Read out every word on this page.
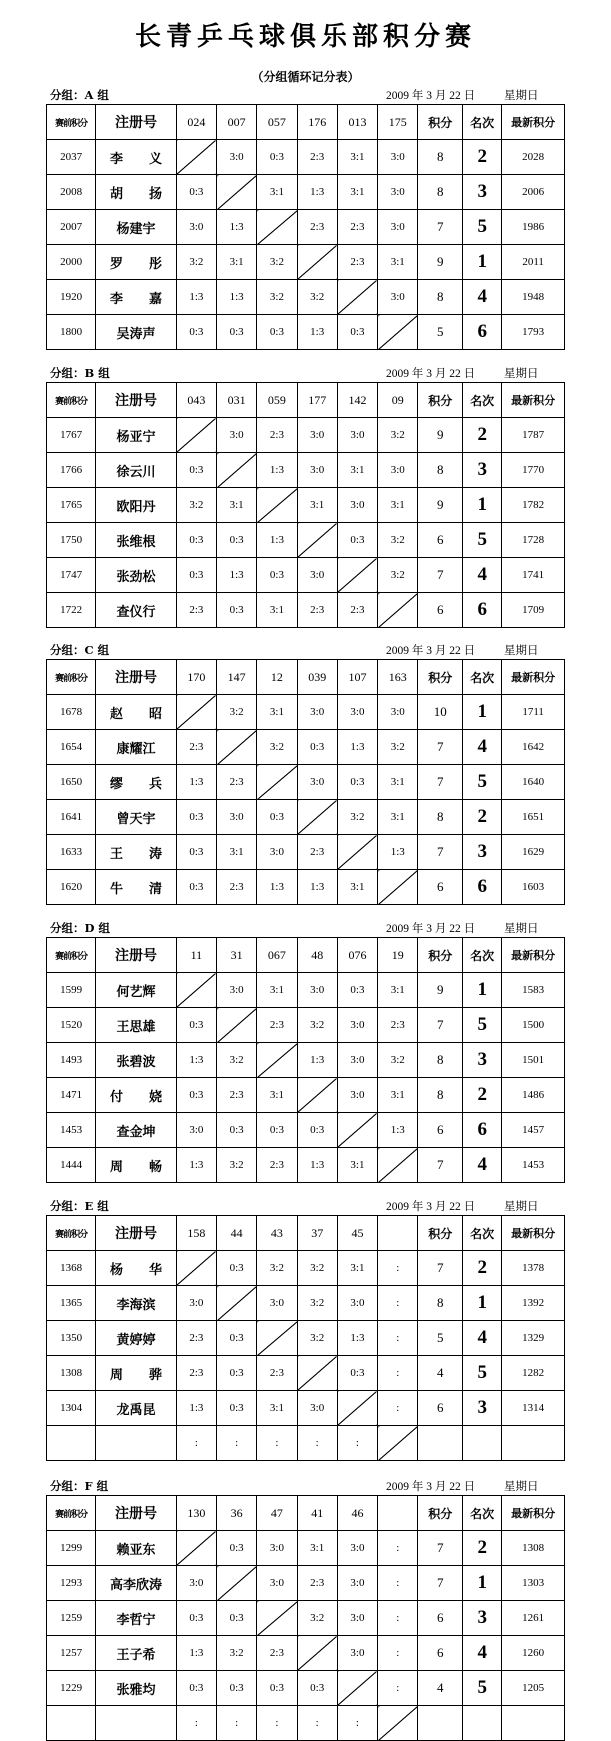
长青乒乓球俱乐部积分赛
（分组循环记分表）
分组：A 组	2009 年 3 月 22 日	星期日
赛前积分	注册号	024	007	057	176	013	175	积分	名次	最新积分
2037	李　　义		3:0	0:3	2:3	3:1	3:0	8	2	2028
2008	胡　　扬	0:3		3:1	1:3	3:1	3:0	8	3	2006
2007	杨建宇	3:0	1:3		2:3	2:3	3:0	7	5	1986
2000	罗　　彤	3:2	3:1	3:2		2:3	3:1	9	1	2011
1920	李　　嘉	1:3	1:3	3:2	3:2		3:0	8	4	1948
1800	吴涛声	0:3	0:3	0:3	1:3	0:3		5	6	1793
分组：B 组	2009 年 3 月 22 日	星期日
赛前积分	注册号	043	031	059	177	142	09	积分	名次	最新积分
1767	杨亚宁		3:0	2:3	3:0	3:0	3:2	9	2	1787
1766	徐云川	0:3		1:3	3:0	3:1	3:0	8	3	1770
1765	欧阳丹	3:2	3:1		3:1	3:0	3:1	9	1	1782
1750	张维根	0:3	0:3	1:3		0:3	3:2	6	5	1728
1747	张劲松	0:3	1:3	0:3	3:0		3:2	7	4	1741
1722	查仪行	2:3	0:3	3:1	2:3	2:3		6	6	1709
分组：C 组	2009 年 3 月 22 日	星期日
赛前积分	注册号	170	147	12	039	107	163	积分	名次	最新积分
1678	赵　　昭		3:2	3:1	3:0	3:0	3:0	10	1	1711
1654	康耀江	2:3		3:2	0:3	1:3	3:2	7	4	1642
1650	缪　　兵	1:3	2:3		3:0	0:3	3:1	7	5	1640
1641	曾天宇	0:3	3:0	0:3		3:2	3:1	8	2	1651
1633	王　　涛	0:3	3:1	3:0	2:3		1:3	7	3	1629
1620	牛　　清	0:3	2:3	1:3	1:3	3:1		6	6	1603
分组：D 组	2009 年 3 月 22 日	星期日
赛前积分	注册号	11	31	067	48	076	19	积分	名次	最新积分
1599	何艺辉		3:0	3:1	3:0	0:3	3:1	9	1	1583
1520	王思雄	0:3		2:3	3:2	3:0	2:3	7	5	1500
1493	张碧波	1:3	3:2		1:3	3:0	3:2	8	3	1501
1471	付　　娆	0:3	2:3	3:1		3:0	3:1	8	2	1486
1453	查金坤	3:0	0:3	0:3	0:3		1:3	6	6	1457
1444	周　　畅	1:3	3:2	2:3	1:3	3:1		7	4	1453
分组：E 组	2009 年 3 月 22 日	星期日
赛前积分	注册号	158	44	43	37	45		积分	名次	最新积分
1368	杨　　华		0:3	3:2	3:2	3:1	:	7	2	1378
1365	李海滨	3:0		3:0	3:2	3:0	:	8	1	1392
1350	黄婷婷	2:3	0:3		3:2	1:3	:	5	4	1329
1308	周　　骅	2:3	0:3	2:3		0:3	:	4	5	1282
1304	龙禹昆	1:3	0:3	3:1	3:0		:	6	3	1314
		:	:	:	:	:				
分组：F 组	2009 年 3 月 22 日	星期日
赛前积分	注册号	130	36	47	41	46		积分	名次	最新积分
1299	赖亚东		0:3	3:0	3:1	3:0	:	7	2	1308
1293	高李欣涛	3:0		3:0	2:3	3:0	:	7	1	1303
1259	李哲宁	0:3	0:3		3:2	3:0	:	6	3	1261
1257	王子希	1:3	3:2	2:3		3:0	:	6	4	1260
1229	张雅均	0:3	0:3	0:3	0:3		:	4	5	1205
		:	:	:	:	:				
